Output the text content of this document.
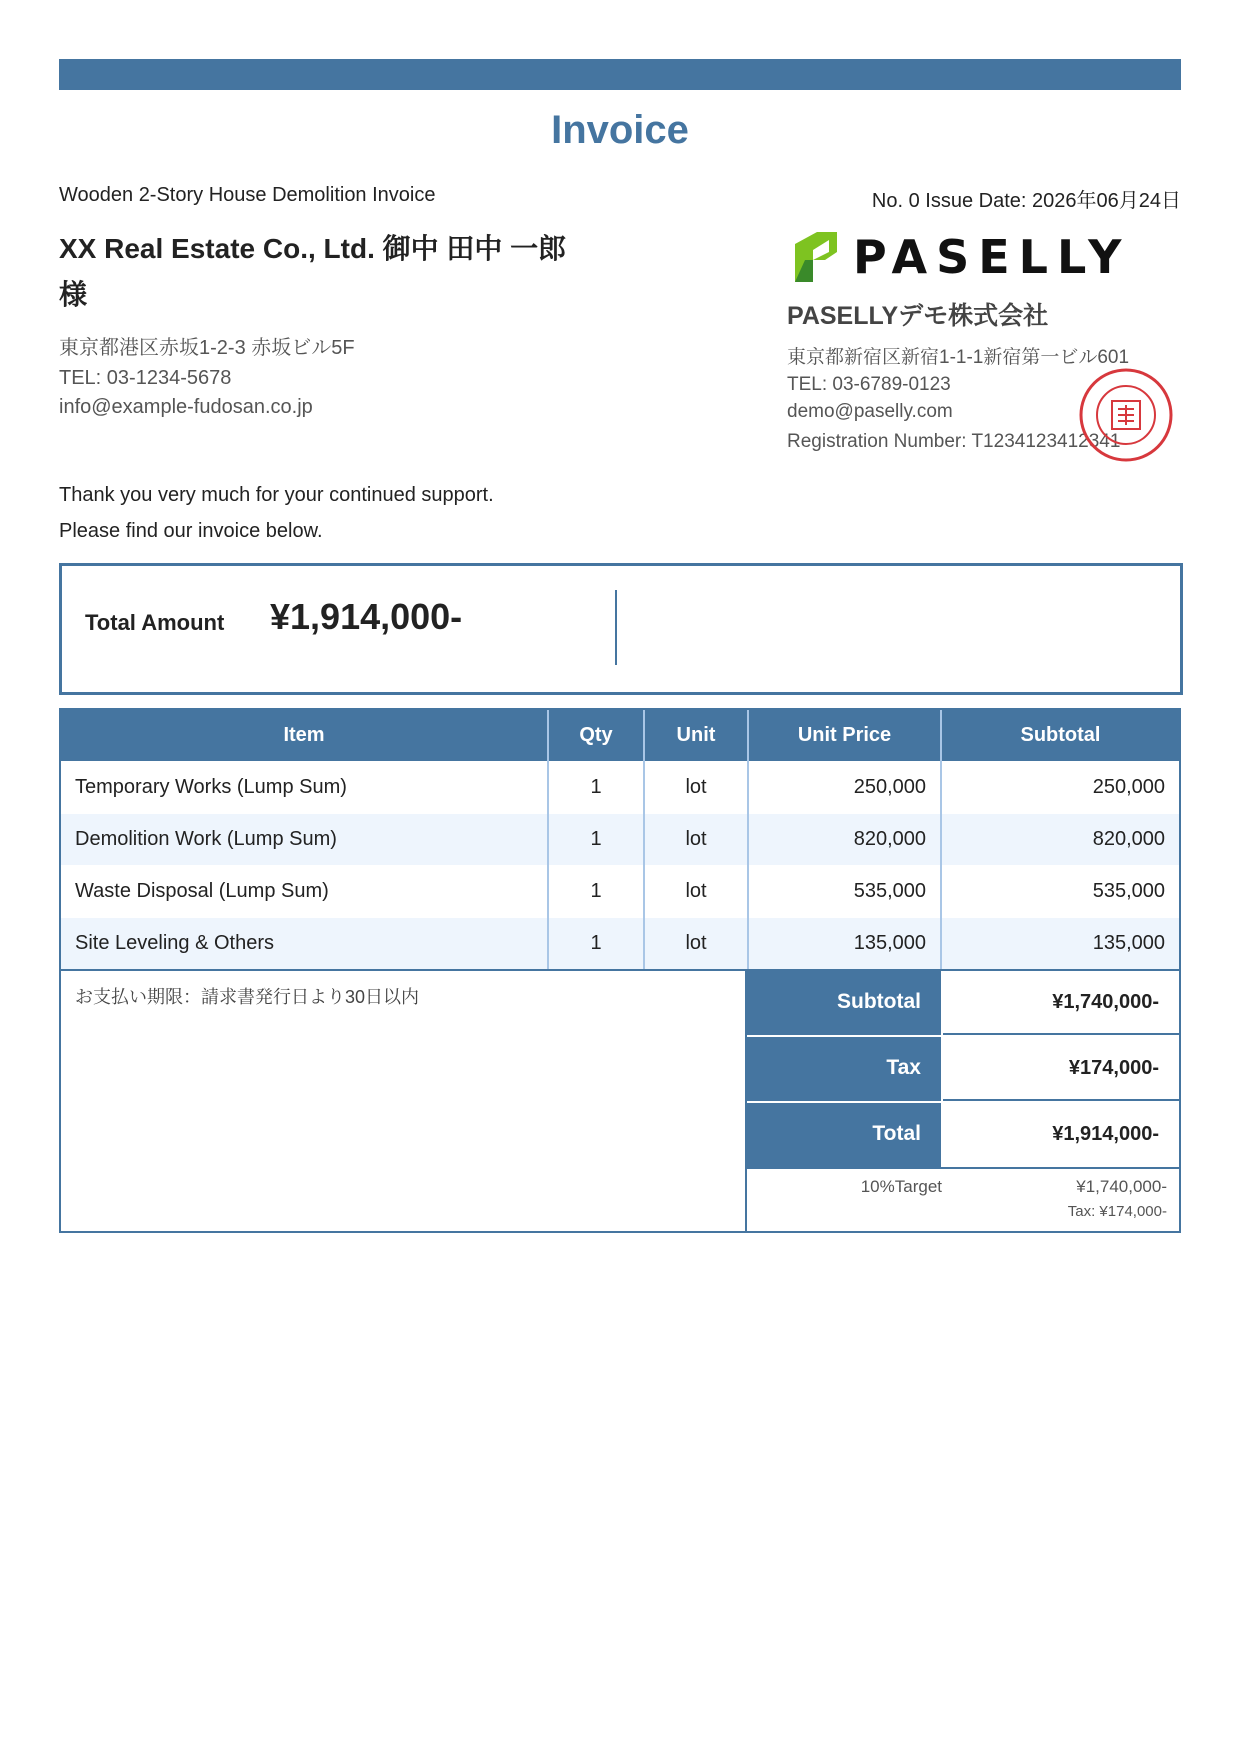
Invoice
Wooden 2-Story House Demolition Invoice	No. 0 Issue Date: 2026年06月24日
XX Real Estate Co., Ltd. 御中 田中 一郎 様
東京都港区赤坂1-2-3 赤坂ビル5F
TEL: 03-1234-5678
info@example-fudosan.co.jp
PASELLY
PASELLYデモ株式会社
東京都新宿区新宿1-1-1新宿第一ビル601
TEL: 03-6789-0123
demo@paselly.com
Registration Number: T1234123412341
Thank you very much for your continued support.
Please find our invoice below.
Total Amount ¥1,914,000-
Item	Qty	Unit	Unit Price	Subtotal
Temporary Works (Lump Sum)	1	lot	250,000	250,000
Demolition Work (Lump Sum)	1	lot	820,000	820,000
Waste Disposal (Lump Sum)	1	lot	535,000	535,000
Site Leveling & Others	1	lot	135,000	135,000
お支払い期限：請求書発行日より30日以内	Subtotal	¥1,740,000-
Tax	¥174,000-
Total	¥1,914,000-
10%Target	¥1,740,000-
Tax: ¥174,000-
